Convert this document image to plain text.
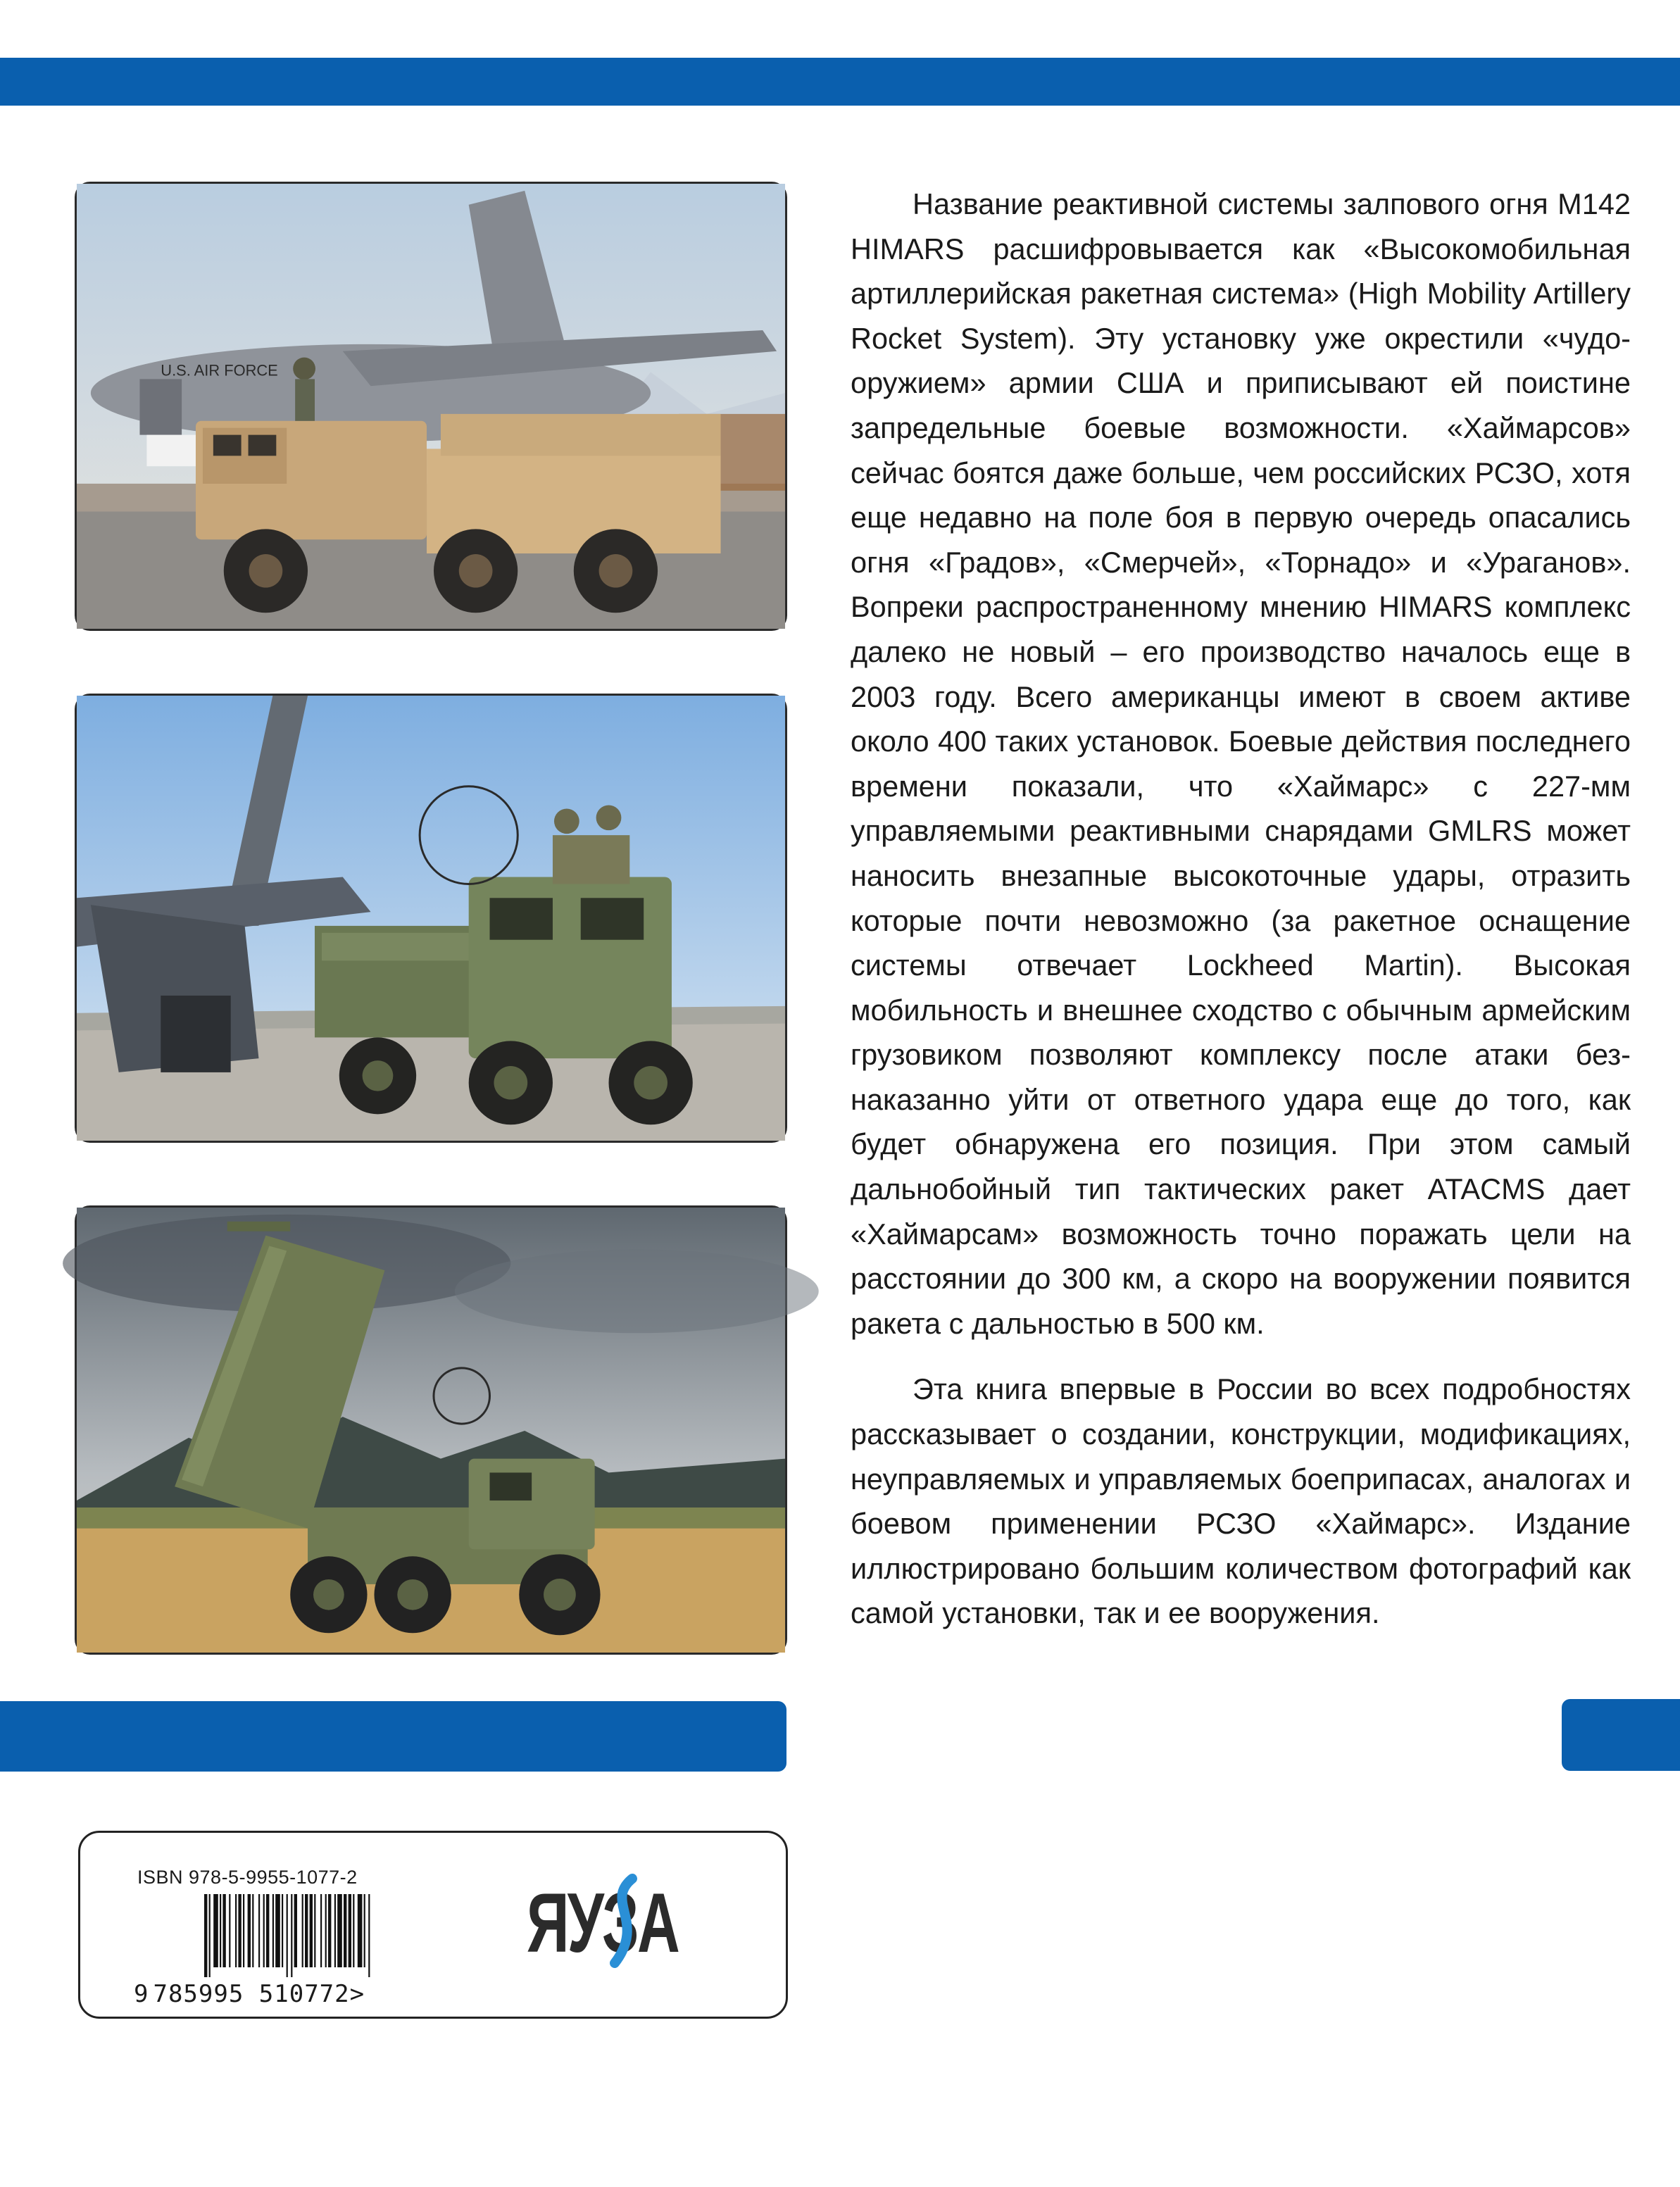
U.S. AIR FORCE

Название реактивной системы залпового огня M142 HIMARS расшифровывается как «Высокомобильная артиллерийская ракетная система» (High Mobility Artillery Rocket System). Эту установку уже окрестили «чудо-оружием» армии США и приписывают ей поистине запредельные боевые возможности. «Хаймарсов» сейчас боятся даже больше, чем российских РСЗО, хотя еще недавно на поле боя в первую очередь опасались огня «Градов», «Смерчей», «Торнадо» и «Ураганов». Вопреки распространенному мнению HIMARS комплекс далеко не новый – его производство началось еще в 2003 году. Всего американцы имеют в своем активе около 400 таких установок. Боевые действия последнего времени показали, что «Хаймарс» с 227-мм управляемыми реактивными снарядами GMLRS может наносить внезапные высокоточные удары, отразить которые почти невозможно (за ракетное оснащение системы отвечает Lockheed Martin). Высокая мобильность и внешнее сходство с обычным армейским грузовиком позволяют комплексу после атаки безнаказанно уйти от ответного удара еще до того, как будет обнаружена его позиция. При этом самый дальнобойный тип тактических ракет ATACMS дает «Хаймарсам» возможность точно поражать цели на расстоянии до 300 км, а скоро на вооружении появится ракета с дальностью в 500 км.

Эта книга впервые в России во всех подробностях рассказывает о создании, конструкции, модификациях, неуправляемых и управляемых боеприпасах, аналогах и боевом применении РСЗО «Хаймарс». Издание иллюстрировано большим количеством фотографий как самой установки, так и ее вооружения.

ISBN 978-5-9955-1077-2
9 785995 510772>
ЯУЗА
